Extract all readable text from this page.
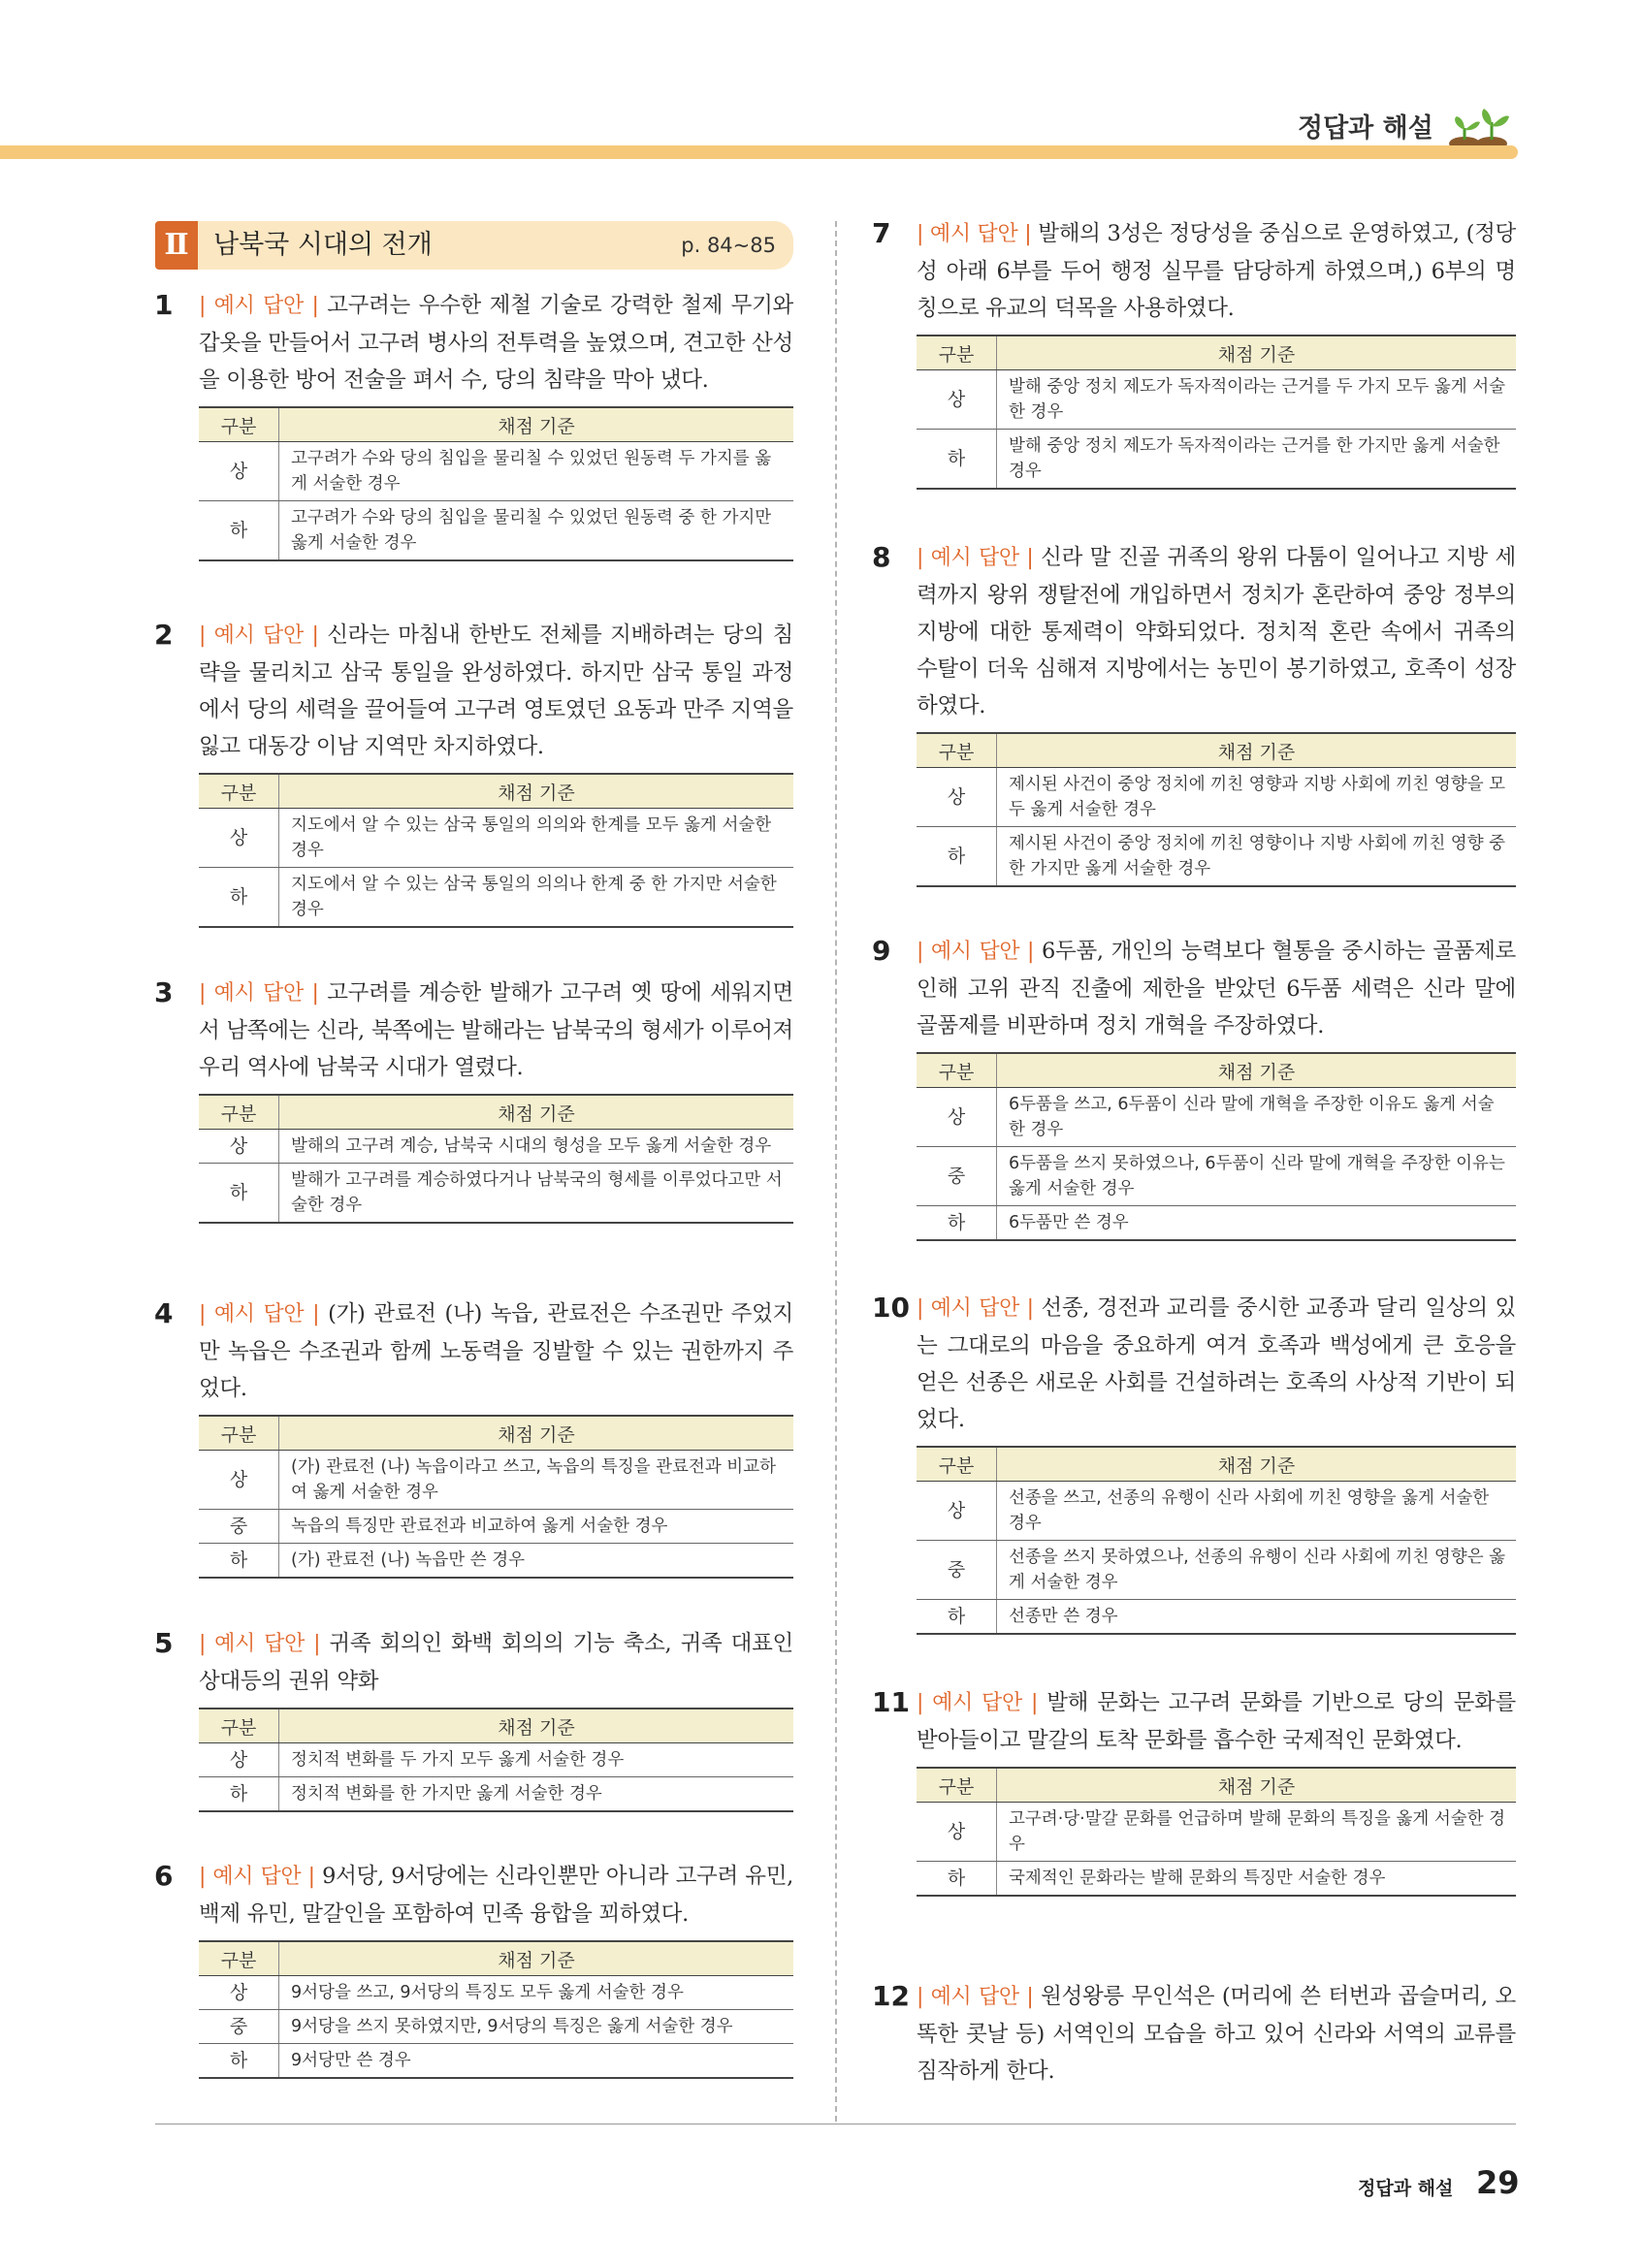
정답과 해설
Ⅱ 남북국 시대의 전개	p. 84~85
1	| 예시 답안 | 고구려는 우수한 제철 기술로 강력한 철제 무기와 갑옷을 만들어서 고구려 병사의 전투력을 높였으며, 견고한 산성을 이용한 방어 전술을 펴서 수, 당의 침략을 막아 냈다.
구분	채점 기준
상	고구려가 수와 당의 침입을 물리칠 수 있었던 원동력 두 가지를 옳게 서술한 경우
하	고구려가 수와 당의 침입을 물리칠 수 있었던 원동력 중 한 가지만 옳게 서술한 경우
2	| 예시 답안 | 신라는 마침내 한반도 전체를 지배하려는 당의 침략을 물리치고 삼국 통일을 완성하였다. 하지만 삼국 통일 과정에서 당의 세력을 끌어들여 고구려 영토였던 요동과 만주 지역을 잃고 대동강 이남 지역만 차지하였다.
구분	채점 기준
상	지도에서 알 수 있는 삼국 통일의 의의와 한계를 모두 옳게 서술한 경우
하	지도에서 알 수 있는 삼국 통일의 의의나 한계 중 한 가지만 서술한 경우
3	| 예시 답안 | 고구려를 계승한 발해가 고구려 옛 땅에 세워지면서 남쪽에는 신라, 북쪽에는 발해라는 남북국의 형세가 이루어져 우리 역사에 남북국 시대가 열렸다.
구분	채점 기준
상	발해의 고구려 계승, 남북국 시대의 형성을 모두 옳게 서술한 경우
하	발해가 고구려를 계승하였다거나 남북국의 형세를 이루었다고만 서술한 경우
4	| 예시 답안 | (가) 관료전 (나) 녹읍, 관료전은 수조권만 주었지만 녹읍은 수조권과 함께 노동력을 징발할 수 있는 권한까지 주었다.
구분	채점 기준
상	(가) 관료전 (나) 녹읍이라고 쓰고, 녹읍의 특징을 관료전과 비교하여 옳게 서술한 경우
중	녹읍의 특징만 관료전과 비교하여 옳게 서술한 경우
하	(가) 관료전 (나) 녹읍만 쓴 경우
5	| 예시 답안 | 귀족 회의인 화백 회의의 기능 축소, 귀족 대표인 상대등의 권위 약화
구분	채점 기준
상	정치적 변화를 두 가지 모두 옳게 서술한 경우
하	정치적 변화를 한 가지만 옳게 서술한 경우
6	| 예시 답안 | 9서당, 9서당에는 신라인뿐만 아니라 고구려 유민, 백제 유민, 말갈인을 포함하여 민족 융합을 꾀하였다.
구분	채점 기준
상	9서당을 쓰고, 9서당의 특징도 모두 옳게 서술한 경우
중	9서당을 쓰지 못하였지만, 9서당의 특징은 옳게 서술한 경우
하	9서당만 쓴 경우
7	| 예시 답안 | 발해의 3성은 정당성을 중심으로 운영하였고, (정당성 아래 6부를 두어 행정 실무를 담당하게 하였으며,) 6부의 명칭으로 유교의 덕목을 사용하였다.
구분	채점 기준
상	발해 중앙 정치 제도가 독자적이라는 근거를 두 가지 모두 옳게 서술한 경우
하	발해 중앙 정치 제도가 독자적이라는 근거를 한 가지만 옳게 서술한 경우
8	| 예시 답안 | 신라 말 진골 귀족의 왕위 다툼이 일어나고 지방 세력까지 왕위 쟁탈전에 개입하면서 정치가 혼란하여 중앙 정부의 지방에 대한 통제력이 약화되었다. 정치적 혼란 속에서 귀족의 수탈이 더욱 심해져 지방에서는 농민이 봉기하였고, 호족이 성장하였다.
구분	채점 기준
상	제시된 사건이 중앙 정치에 끼친 영향과 지방 사회에 끼친 영향을 모두 옳게 서술한 경우
하	제시된 사건이 중앙 정치에 끼친 영향이나 지방 사회에 끼친 영향 중 한 가지만 옳게 서술한 경우
9	| 예시 답안 | 6두품, 개인의 능력보다 혈통을 중시하는 골품제로 인해 고위 관직 진출에 제한을 받았던 6두품 세력은 신라 말에 골품제를 비판하며 정치 개혁을 주장하였다.
구분	채점 기준
상	6두품을 쓰고, 6두품이 신라 말에 개혁을 주장한 이유도 옳게 서술한 경우
중	6두품을 쓰지 못하였으나, 6두품이 신라 말에 개혁을 주장한 이유는 옳게 서술한 경우
하	6두품만 쓴 경우
10 | 예시 답안 | 선종, 경전과 교리를 중시한 교종과 달리 일상의 있는 그대로의 마음을 중요하게 여겨 호족과 백성에게 큰 호응을 얻은 선종은 새로운 사회를 건설하려는 호족의 사상적 기반이 되었다.
구분	채점 기준
상	선종을 쓰고, 선종의 유행이 신라 사회에 끼친 영향을 옳게 서술한 경우
중	선종을 쓰지 못하였으나, 선종의 유행이 신라 사회에 끼친 영향은 옳게 서술한 경우
하	선종만 쓴 경우
11 | 예시 답안 | 발해 문화는 고구려 문화를 기반으로 당의 문화를 받아들이고 말갈의 토착 문화를 흡수한 국제적인 문화였다.
구분	채점 기준
상	고구려·당·말갈 문화를 언급하며 발해 문화의 특징을 옳게 서술한 경우
하	국제적인 문화라는 발해 문화의 특징만 서술한 경우
12 | 예시 답안 | 원성왕릉 무인석은 (머리에 쓴 터번과 곱슬머리, 오똑한 콧날 등) 서역인의 모습을 하고 있어 신라와 서역의 교류를 짐작하게 한다.
정답과 해설 29
